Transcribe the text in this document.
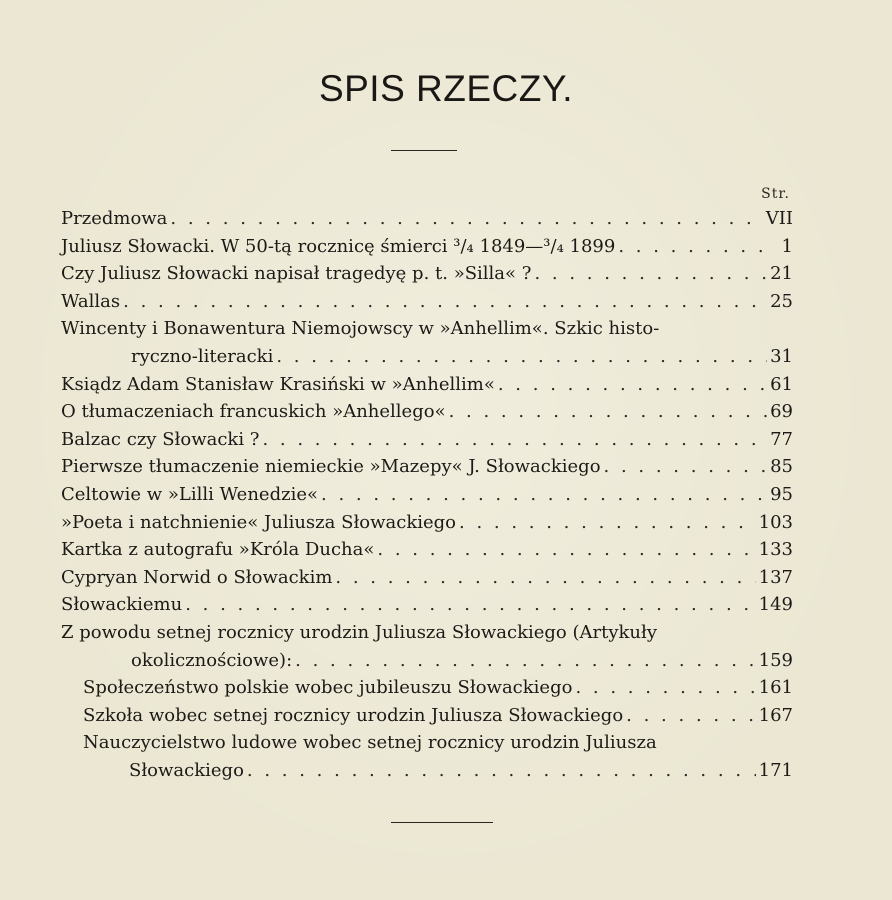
SPIS RZECZY.
Str.
Przedmowa . . .	VII
Juliusz Słowacki. W 50-tą rocznicę śmierci ³/₄ 1849—³/₄ 1899 . . .	1
Czy Juliusz Słowacki napisał tragedyę p. t. »Silla« ? . . .	21
Wallas . . .	25
Wincenty i Bonawentura Niemojowscy w »Anhellim«. Szkic histo-
ryczno-literacki . . .	31
Ksiądz Adam Stanisław Krasiński w »Anhellim« . . .	61
O tłumaczeniach francuskich »Anhellego« . . .	69
Balzac czy Słowacki ? . . .	77
Pierwsze tłumaczenie niemieckie »Mazepy« J. Słowackiego . . .	85
Celtowie w »Lilli Wenedzie« . . .	95
»Poeta i natchnienie« Juliusza Słowackiego . . .	103
Kartka z autografu »Króla Ducha« . . .	133
Cypryan Norwid o Słowackim . . .	137
Słowackiemu . . .	149
Z powodu setnej rocznicy urodzin Juliusza Słowackiego (Artykuły
okolicznościowe): . . .	159
Społeczeństwo polskie wobec jubileuszu Słowackiego . . .	161
Szkoła wobec setnej rocznicy urodzin Juliusza Słowackiego . . .	167
Nauczycielstwo ludowe wobec setnej rocznicy urodzin Juliusza
Słowackiego . . .	171
